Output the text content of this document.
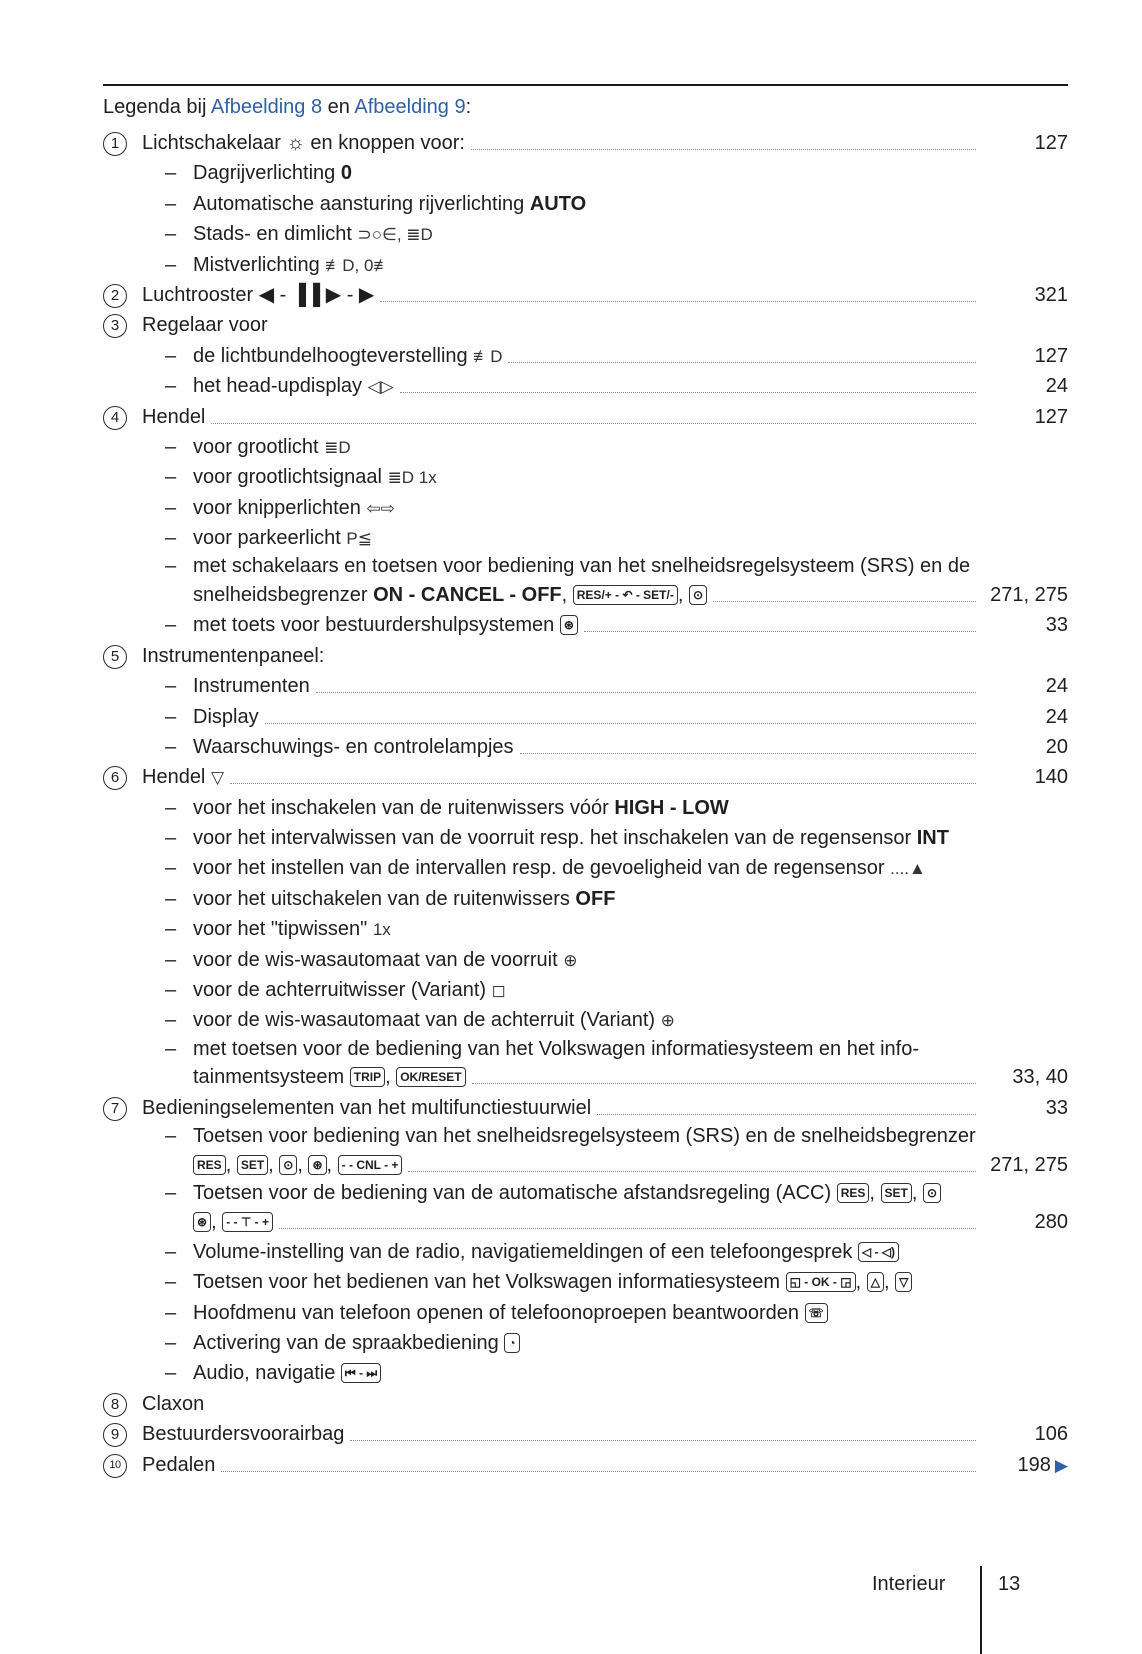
Legenda bij Afbeelding 8 en Afbeelding 9:
1	Lichtschakelaar ☼ en knoppen voor:	127
– Dagrijverlichting 0
– Automatische aansturing rijverlichting AUTO
– Stads- en dimlicht ⊃○∈, ≣D
– Mistverlichting ≢D, 0≢
2	Luchtrooster ◀ - ▐▐ ▶ - ▶	321
3	Regelaar voor
– de lichtbundelhoogteverstelling ≢D	127
– het head-updisplay ◁▷	24
4	Hendel	127
– voor grootlicht ≣D
– voor grootlichtsignaal ≣D 1x
– voor knipperlichten ⇦⇨
– voor parkeerlicht P≦
– met schakelaars en toetsen voor bediening van het snelheidsregelsysteem (SRS) en de
snelheidsbegrenzer ON - CANCEL - OFF, RES/+ - ↶ - SET/- , ⊙	271, 275
– met toets voor bestuurdershulpsystemen ⊛	33
5	Instrumentenpaneel:
– Instrumenten	24
– Display	24
– Waarschuwings- en controlelampjes	20
6	Hendel ▽	140
– voor het inschakelen van de ruitenwissers vóór HIGH - LOW
– voor het intervalwissen van de voorruit resp. het inschakelen van de regensensor INT
– voor het instellen van de intervallen resp. de gevoeligheid van de regensensor ....▲
– voor het uitschakelen van de ruitenwissers OFF
– voor het "tipwissen" 1x
– voor de wis-wasautomaat van de voorruit ⊕
– voor de achterruitwisser (Variant) ◻
– voor de wis-wasautomaat van de achterruit (Variant) ⊕
– met toetsen voor de bediening van het Volkswagen informatiesysteem en het info-
tainmentsysteem TRIP , OK/RESET	33, 40
7	Bedieningselementen van het multifunctiestuurwiel	33
– Toetsen voor bediening van het snelheidsregelsysteem (SRS) en de snelheidsbegrenzer
RES , SET , ⊙ , ⊛ , - - CNL - +	271, 275
– Toetsen voor de bediening van de automatische afstandsregeling (ACC) RES , SET , ⊙
⊛ , - - ⊤ - +	280
– Volume-instelling van de radio, navigatiemeldingen of een telefoongesprek ◁ - ◁)
– Toetsen voor het bedienen van het Volkswagen informatiesysteem ◱ - OK - ◲ , △ , ▽
– Hoofdmenu van telefoon openen of telefoonoproepen beantwoorden ☏
– Activering van de spraakbediening ◔
– Audio, navigatie ⏮ - ⏭
8	Claxon
9	Bestuurdersvoorairbag	106
10	Pedalen	198 ▶
Interieur	13
